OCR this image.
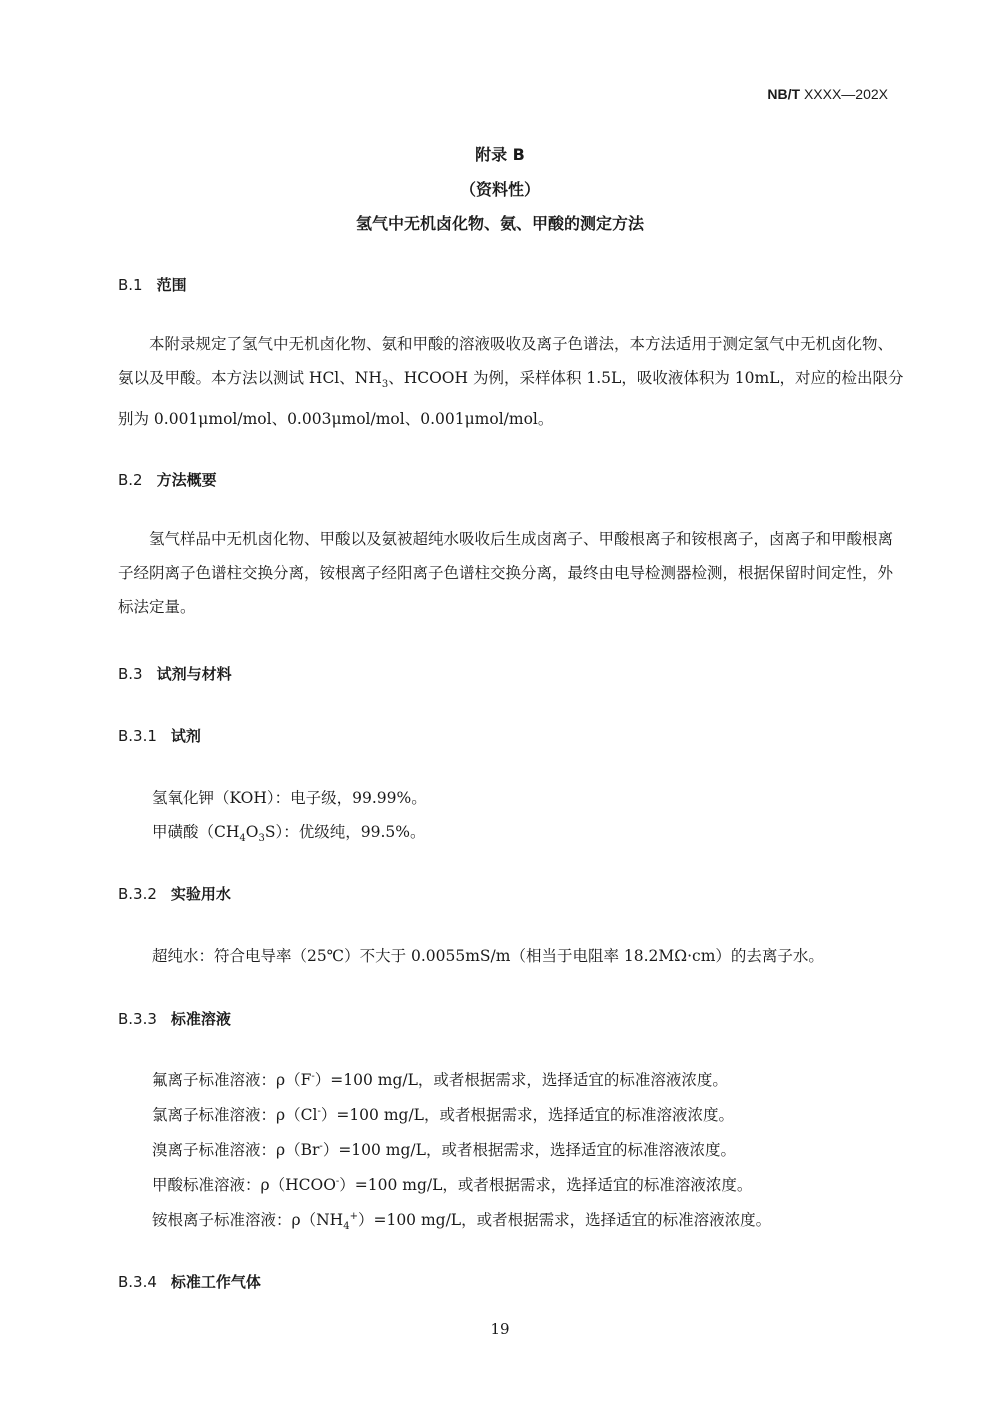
NB/T XXXX—202X
附录 B
（资料性）
氢气中无机卤化物、氨、甲酸的测定方法
B.1 范围
本附录规定了氢气中无机卤化物、氨和甲酸的溶液吸收及离子色谱法，本方法适用于测定氢气中无机卤化物、氨以及甲酸。本方法以测试 HCl、$NH_3$、HCOOH 为例，采样体积 1.5L，吸收液体积为 10mL，对应的检出限分别为 0.001μmol/mol、0.003μmol/mol、0.001μmol/mol。
B.2 方法概要
氢气样品中无机卤化物、甲酸以及氨被超纯水吸收后生成卤离子、甲酸根离子和铵根离子，卤离子和甲酸根离子经阴离子色谱柱交换分离，铵根离子经阳离子色谱柱交换分离，最终由电导检测器检测，根据保留时间定性，外标法定量。
B.3 试剂与材料
B.3.1 试剂
氢氧化钾（KOH）：电子级，99.99%。
甲磺酸$(CH_4O_3S)$：优级纯，99.5%。
B.3.2 实验用水
超纯水：符合电导率（25℃）不大于 0.0055mS/m（相当于电阻率 18.2MΩ·cm）的去离子水。
B.3.3 标准溶液
氟离子标准溶液：ρ（F-）=100 mg/L，或者根据需求，选择适宜的标准溶液浓度。
氯离子标准溶液：ρ（Cl-）=100 mg/L，或者根据需求，选择适宜的标准溶液浓度。
溴离子标准溶液：ρ（Br-）=100 mg/L，或者根据需求，选择适宜的标准溶液浓度。
甲酸标准溶液：ρ（HCOO-）=100 mg/L，或者根据需求，选择适宜的标准溶液浓度。
铵根离子标准溶液：$\rho(NH_4^+)=100$ mg/L，或者根据需求，选择适宜的标准溶液浓度。
B.3.4 标准工作气体
19
